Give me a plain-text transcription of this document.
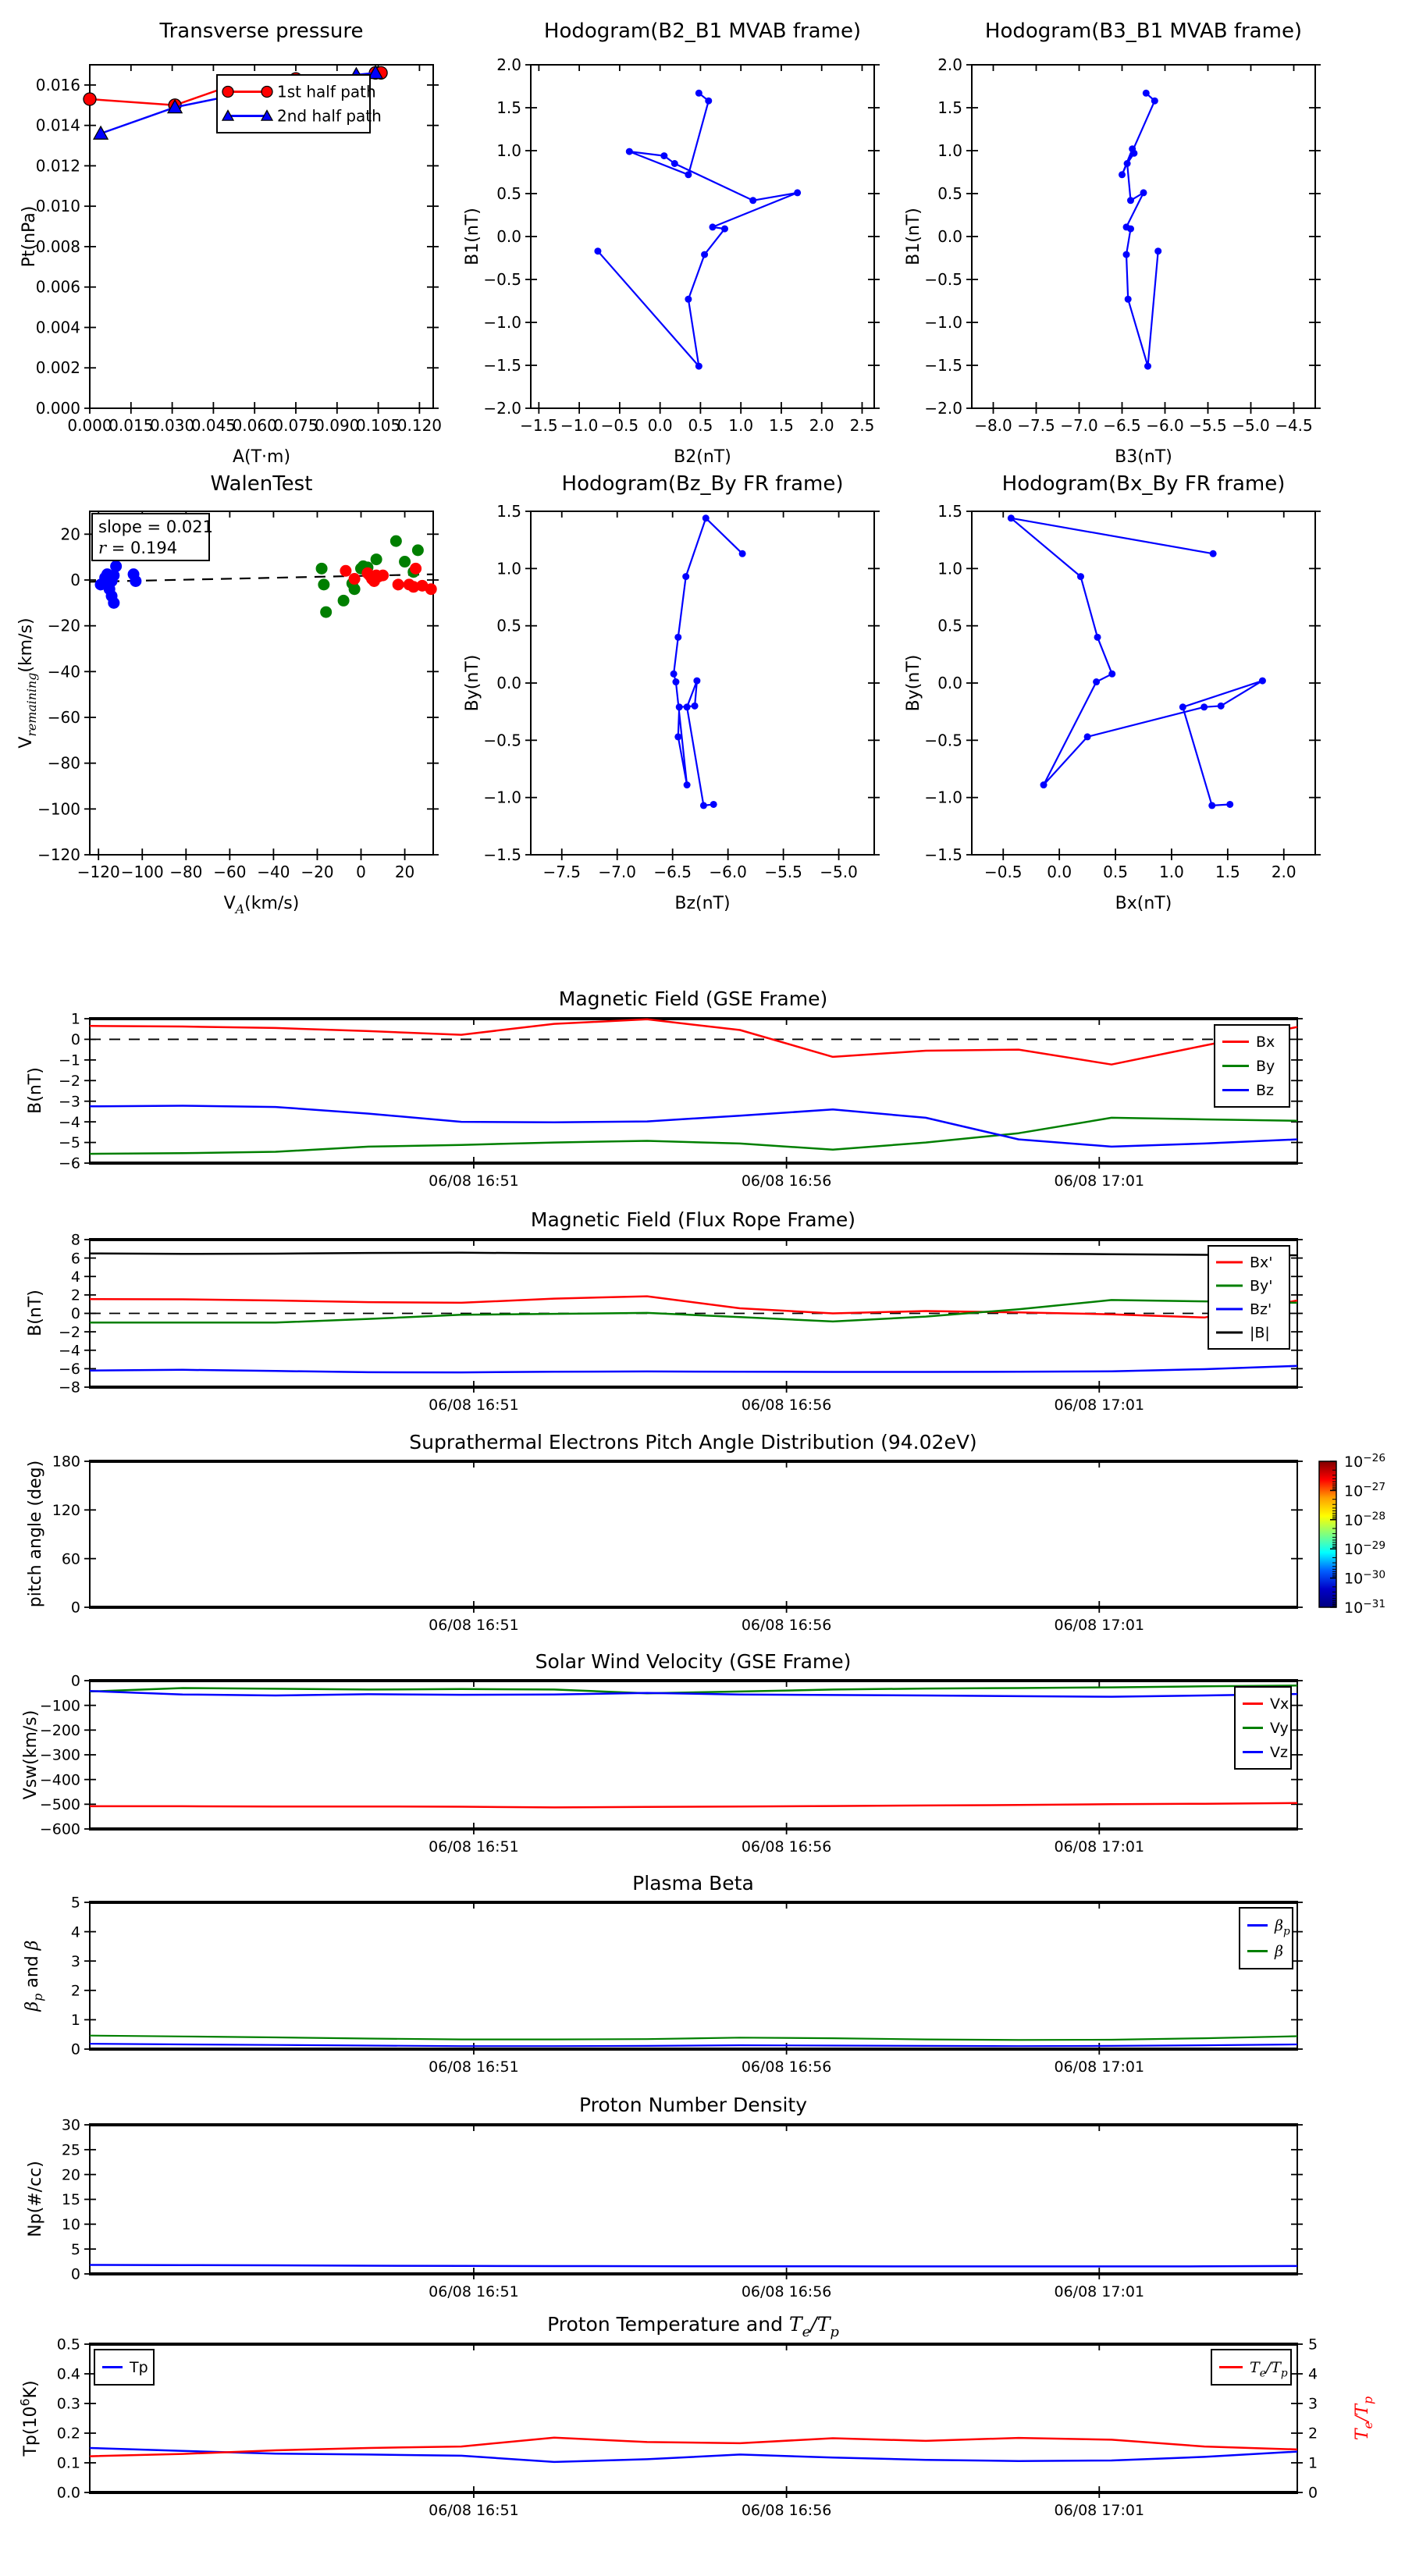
Transverse pressure
0.000
0.015
0.030
0.045
0.060
0.075
0.090
0.105
0.120
0.000
0.002
0.004
0.006
0.008
0.010
0.012
0.014
0.016
A(T·m)
Pt(nPa)
1st half path
2nd half path
Hodogram(B2_B1 MVAB frame)
−1.5 −1.0 −0.5 0.0 0.5 1.0 1.5 2.0 2.5
−2.0
−1.5
−1.0
−0.5
0.0
0.5
1.0
1.5
2.0
B2(nT)
B1(nT)
Hodogram(B3_B1 MVAB frame)
−8.0 −7.5 −7.0 −6.5 −6.0 −5.5 −5.0 −4.5
−2.0
−1.5
−1.0
−0.5
0.0
0.5
1.0
1.5
2.0
B3(nT)
B1(nT)
WalenTest
−120 −100 −80 −60 −40 −20 0 20
20
0
−20
−40
−60
−80
−100
−120
$V_A(km/s)$
$V_{remaining}(km/s)$
slope = 0.021
r = 0.194
Hodogram(Bz_By FR frame)
−7.5 −7.0 −6.5 −6.0 −5.5 −5.0
−1.5
−1.0
−0.5
0.0
0.5
1.0
1.5
Bz(nT)
By(nT)
Hodogram(Bx_By FR frame)
−0.5 0.0 0.5 1.0 1.5 2.0
−1.5
−1.0
−0.5
0.0
0.5
1.0
1.5
Bx(nT)
By(nT)
Magnetic Field (GSE Frame)
06/08 16:51	06/08 16:56	06/08 17:01
1
0
−1
−2
−3
−4
−5
−6
B(nT)
Bx
By
Bz
Magnetic Field (Flux Rope Frame)
06/08 16:51	06/08 16:56	06/08 17:01
8
6
4
2
0
−2
−4
−6
−8
B(nT)
Bx'
By'
Bz'
|B|
Suprathermal Electrons Pitch Angle Distribution (94.02eV)
06/08 16:51	06/08 16:56	06/08 17:01
0
60
120
180
pitch angle (deg)	$10^{-26}$
$10^{-27}$
$10^{-28}$
$10^{-29}$
$10^{-30}$
$10^{-31}$
Solar Wind Velocity (GSE Frame)
06/08 16:51	06/08 16:56	06/08 17:01
0
−100
−200
−300
−400
−500
−600
Vsw(km/s)
Vx
Vy
Vz
Plasma Beta
06/08 16:51	06/08 16:56	06/08 17:01
0
1
2
3
4
5
$\beta_p$ and β
$\beta_p$
β
Proton Number Density
06/08 16:51	06/08 16:56	06/08 17:01
0
5
10
15
20
25
30
Np(#/cc)
Proton Temperature and $T_e/T_p$
06/08 16:51	06/08 16:56	06/08 17:01
0.0
0.1
0.2
0.3
0.4
0.5
0
1
2
3
4
5
$Tp(10^6K)$
$T_e/T_p$
Tp	$T_e/T_p$
